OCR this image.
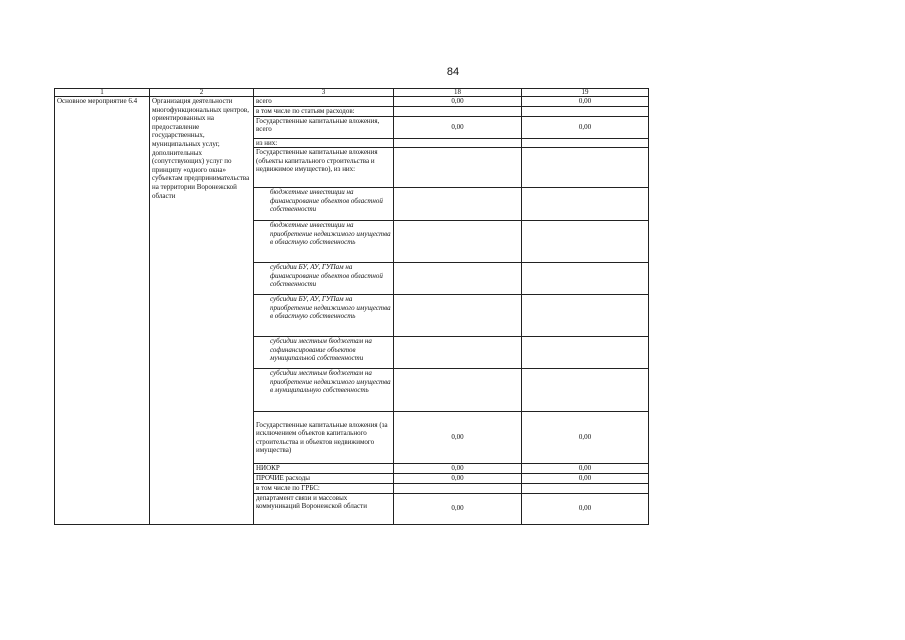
84
1	2	3	18	19
Основное мероприятие 6.4	Организация деятельности многофункциональных центров, ориентированных на предоставление государственных, муниципальных услуг, дополнительных (сопутствующих) услуг по принципу «одного окна» субъектам предпринимательства на территории Воронежской области	всего	0,00	0,00
		в том числе по статьям расходов:		
		Государственные капитальные вложения, всего	0,00	0,00
		из них:		
		Государственные капитальные вложения (объекты капитального строительства и недвижимое имущество), из них:		
		бюджетные инвестиции на финансирование объектов областной собственности		
		бюджетные инвестиции на приобретение недвижимого имущества в областную собственность		
		субсидии БУ, АУ, ГУПам на финансирование объектов областной собственности		
		субсидии БУ, АУ, ГУПам на приобретение недвижимого имущества в областную собственность		
		субсидии местным бюджетам на софинансирование объектов муниципальной собственности		
		субсидии местным бюджетам на приобретение недвижимого имущества в муниципальную собственность		
		Государственные капитальные вложения (за исключением объектов капитального строительства и объектов недвижимого имущества)	0,00	0,00
		НИОКР	0,00	0,00
		ПРОЧИЕ расходы	0,00	0,00
		в том числе по ГРБС:		
		департамент связи и массовых коммуникаций Воронежской области	0,00	0,00
